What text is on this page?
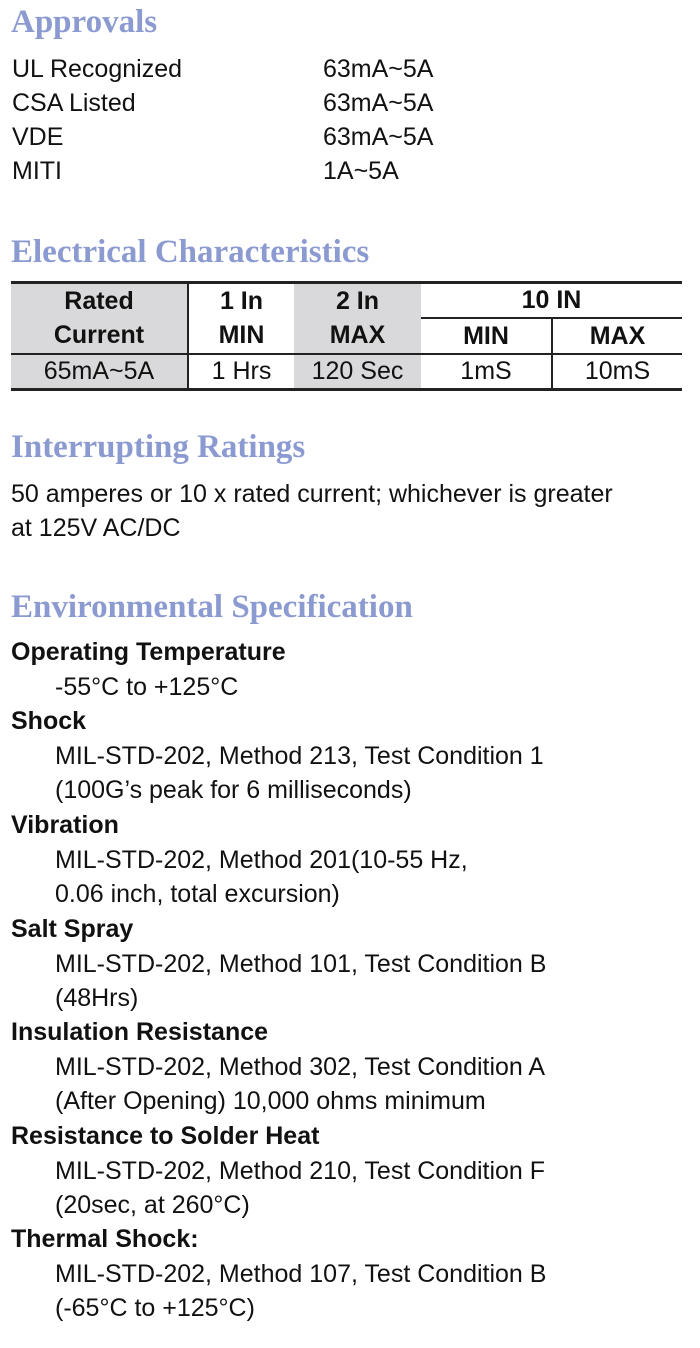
Approvals
UL Recognized	63mA~5A
CSA Listed	63mA~5A
VDE	63mA~5A
MITI	1A~5A
Electrical Characteristics
Rated	1 In	2 In	10 IN	
Current	MIN	MAX	MIN	MAX
65mA~5A	1 Hrs	120 Sec	1mS	10mS
Interrupting Ratings
50 amperes or 10 x rated current; whichever is greater
at 125V AC/DC
Environmental Specification
Operating Temperature
-55°C to +125°C
Shock
MIL-STD-202, Method 213, Test Condition 1
(100G’s peak for 6 milliseconds)
Vibration
MIL-STD-202, Method 201(10-55 Hz,
0.06 inch, total excursion)
Salt Spray
MIL-STD-202, Method 101, Test Condition B
(48Hrs)
Insulation Resistance
MIL-STD-202, Method 302, Test Condition A
(After Opening) 10,000 ohms minimum
Resistance to Solder Heat
MIL-STD-202, Method 210, Test Condition F
(20sec, at 260°C)
Thermal Shock:
MIL-STD-202, Method 107, Test Condition B
(-65°C to +125°C)
